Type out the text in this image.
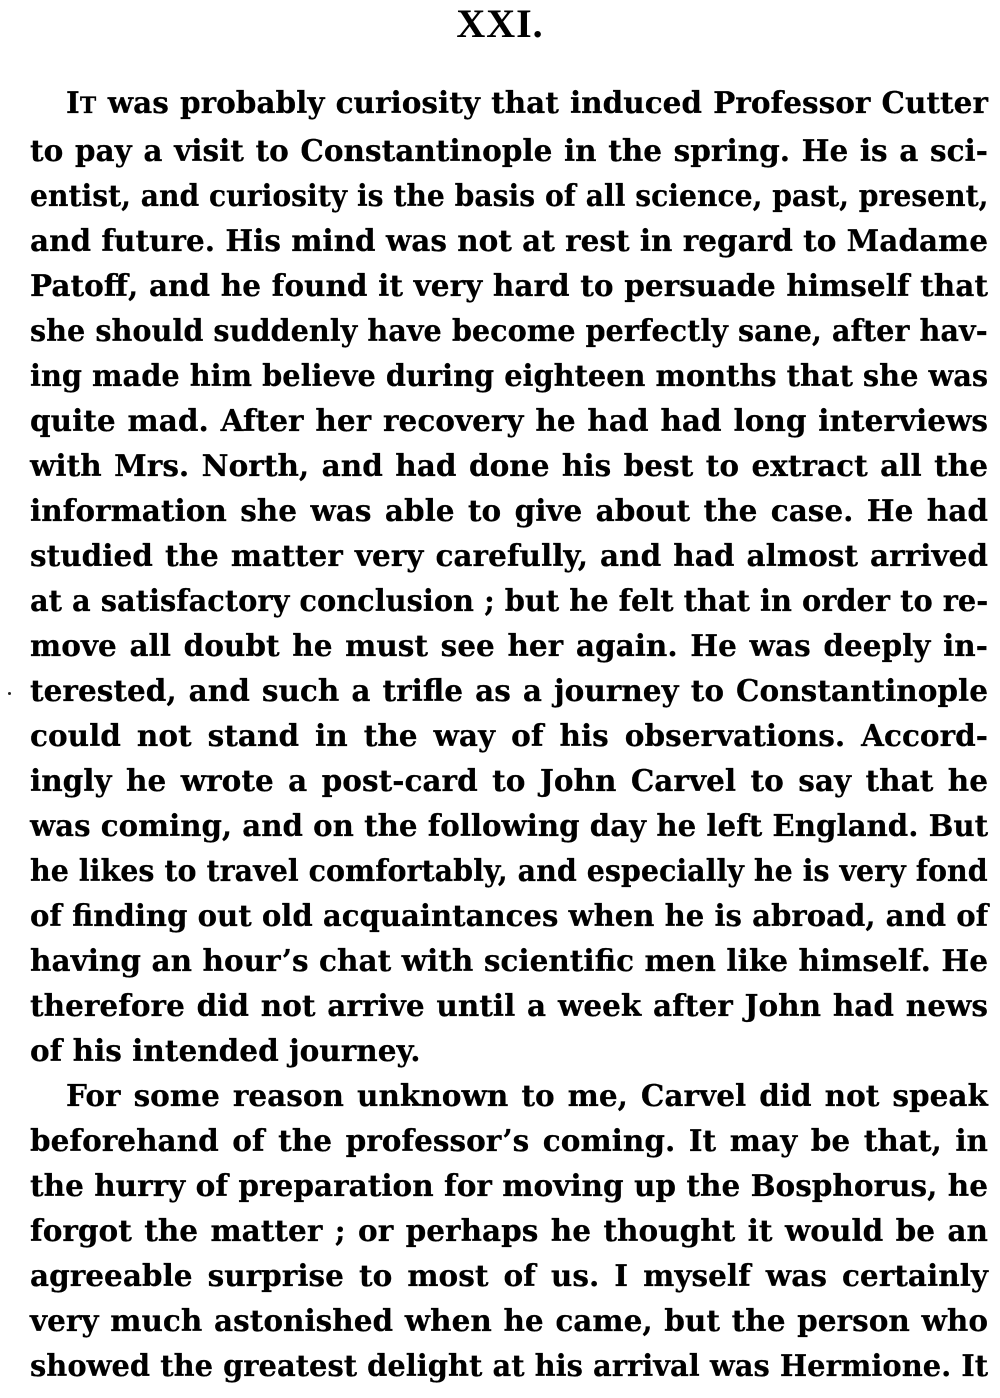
XXI.
IT was probably curiosity that induced Professor Cutter
to pay a visit to Constantinople in the spring. He is a sci-
entist, and curiosity is the basis of all science, past, present,
and future. His mind was not at rest in regard to Madame
Patoff, and he found it very hard to persuade himself that
she should suddenly have become perfectly sane, after hav-
ing made him believe during eighteen months that she was
quite mad. After her recovery he had had long interviews
with Mrs. North, and had done his best to extract all the
information she was able to give about the case. He had
studied the matter very carefully, and had almost arrived
at a satisfactory conclusion ; but he felt that in order to re-
move all doubt he must see her again. He was deeply in-
terested, and such a trifle as a journey to Constantinople
could not stand in the way of his observations. Accord-
ingly he wrote a post-card to John Carvel to say that he
was coming, and on the following day he left England. But
he likes to travel comfortably, and especially he is very fond
of finding out old acquaintances when he is abroad, and of
having an hour’s chat with scientific men like himself. He
therefore did not arrive until a week after John had news
of his intended journey.
For some reason unknown to me, Carvel did not speak
beforehand of the professor’s coming. It may be that, in
the hurry of preparation for moving up the Bosphorus, he
forgot the matter ; or perhaps he thought it would be an
agreeable surprise to most of us. I myself was certainly
very much astonished when he came, but the person who
showed the greatest delight at his arrival was Hermione. It
